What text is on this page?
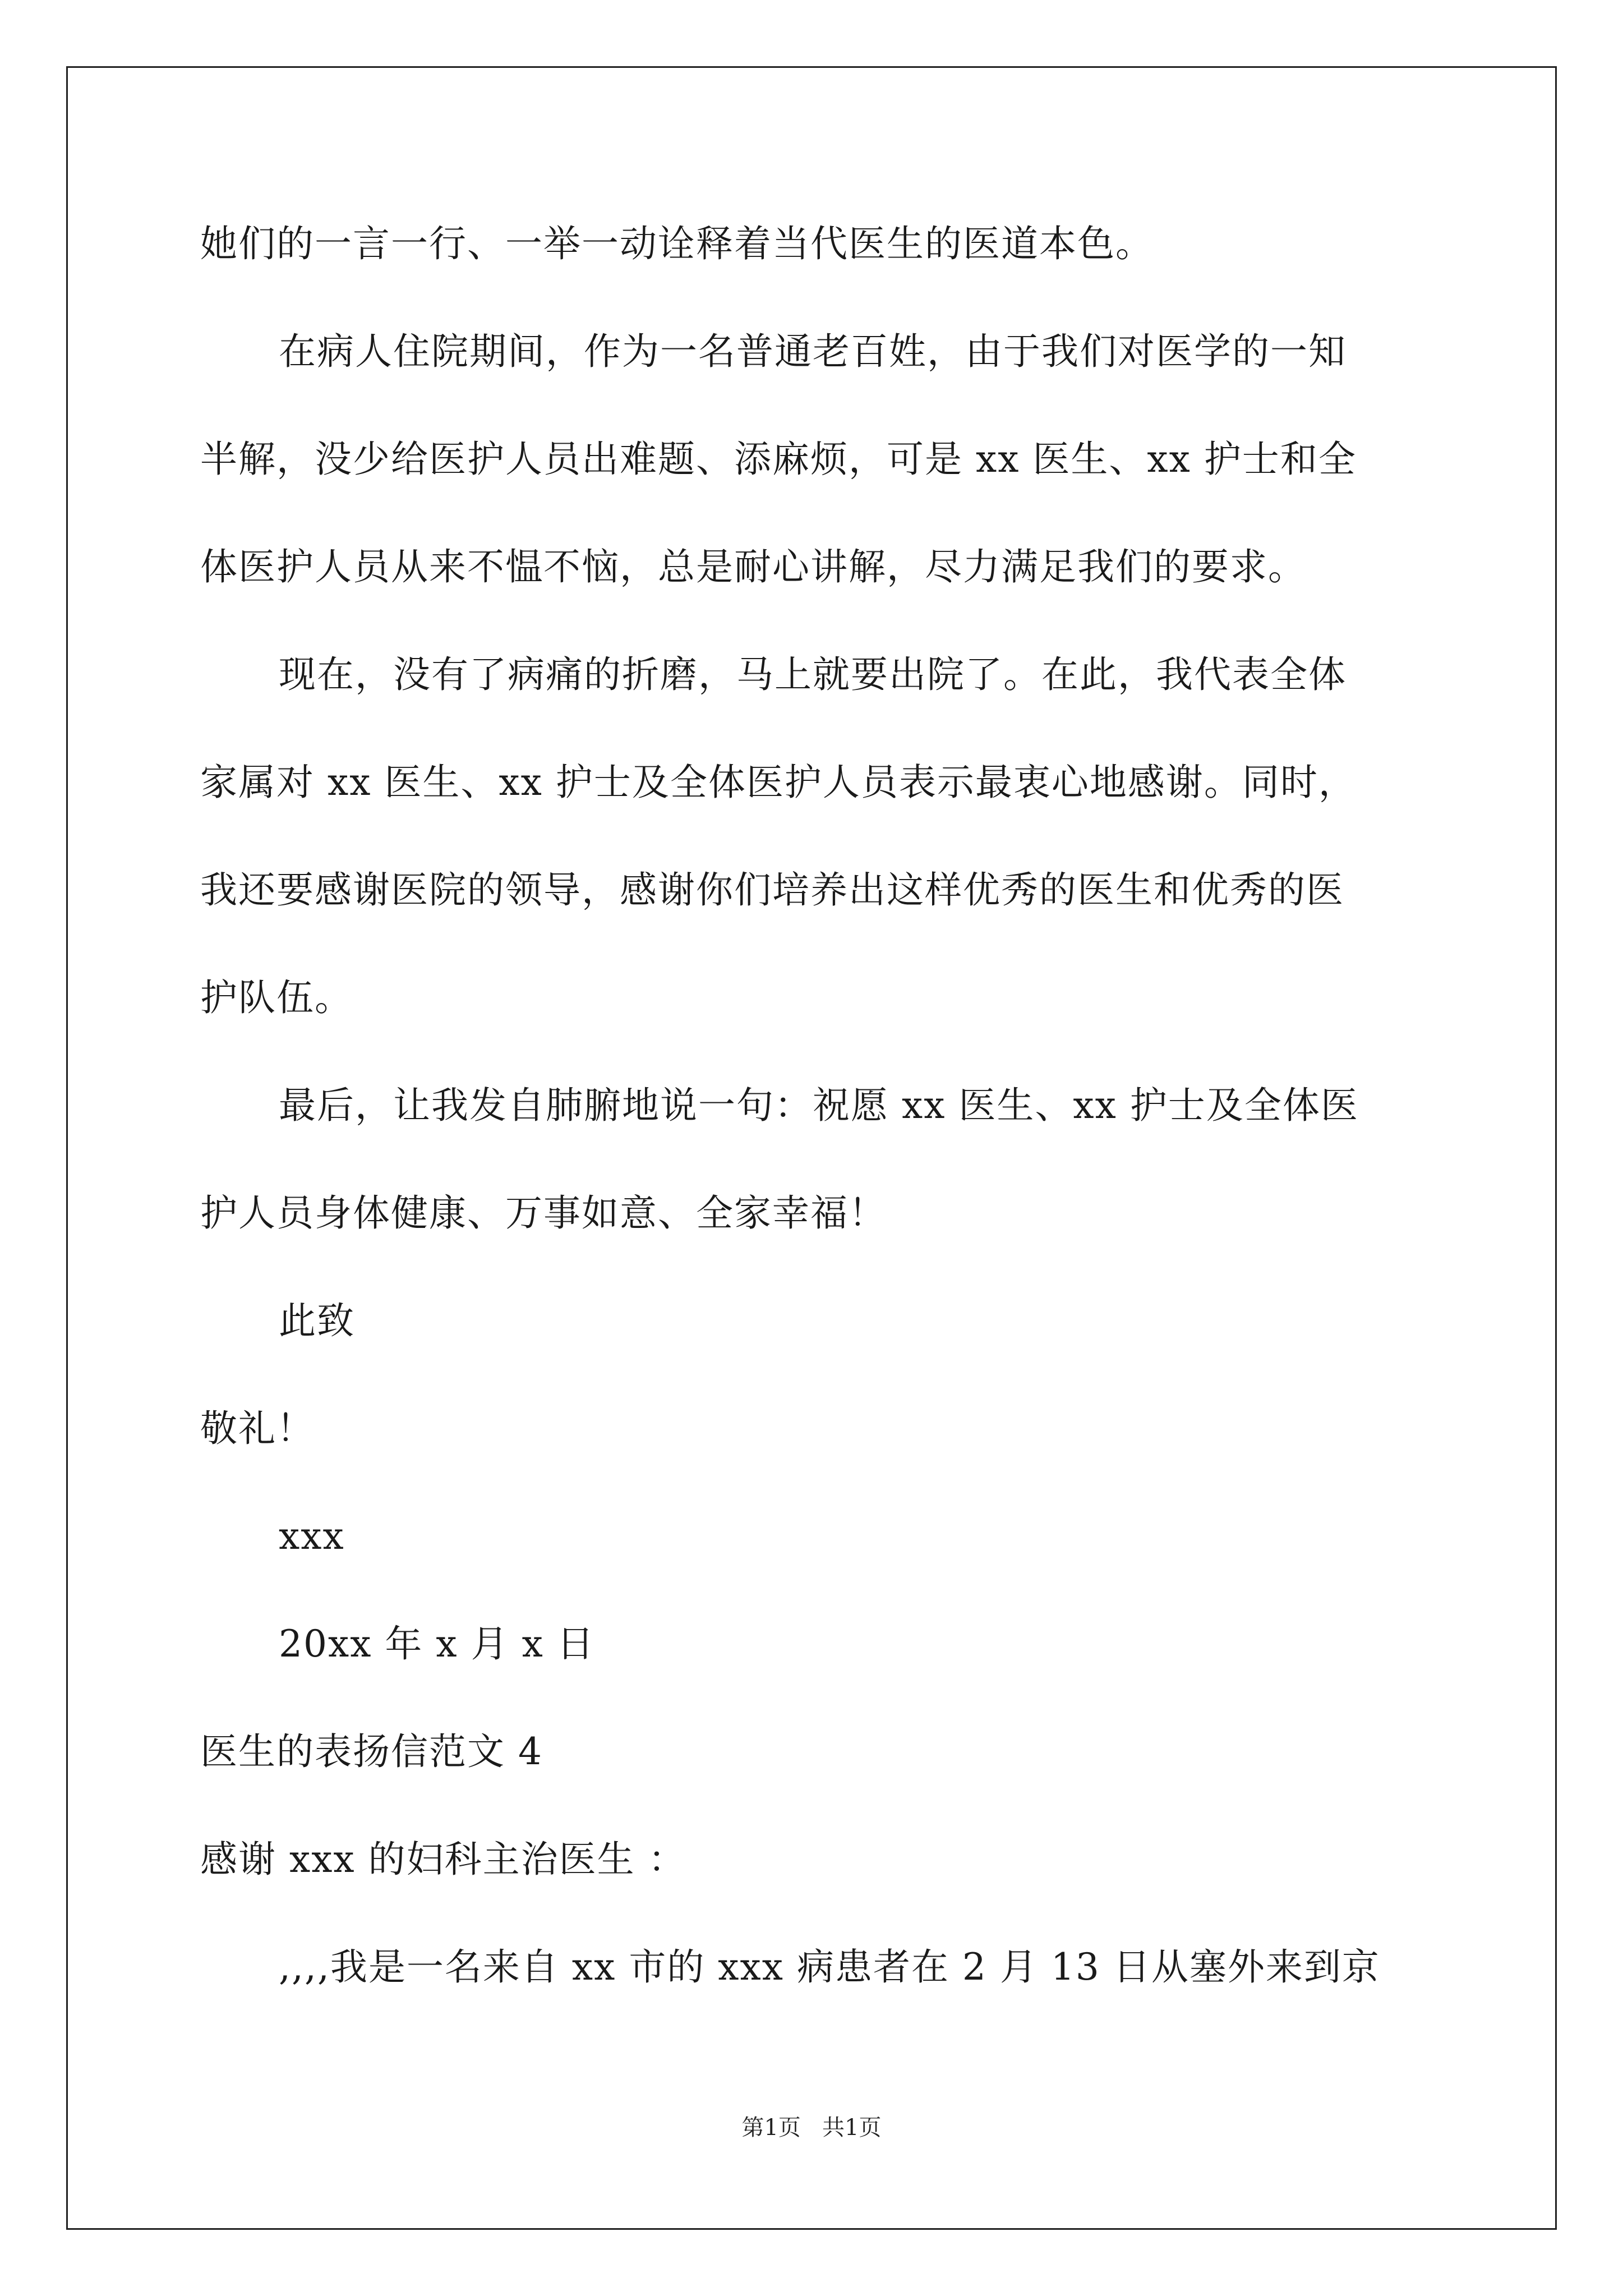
她们的一言一行、一举一动诠释着当代医生的医道本色。
在病人住院期间，作为一名普通老百姓，由于我们对医学的一知
半解，没少给医护人员出难题、添麻烦，可是 xx 医生、xx 护士和全
体医护人员从来不愠不恼，总是耐心讲解，尽力满足我们的要求。
现在，没有了病痛的折磨，马上就要出院了。在此，我代表全体
家属对 xx 医生、xx 护士及全体医护人员表示最衷心地感谢。同时，
我还要感谢医院的领导，感谢你们培养出这样优秀的医生和优秀的医
护队伍。
最后，让我发自肺腑地说一句：祝愿 xx 医生、xx 护士及全体医
护人员身体健康、万事如意、全家幸福！
此致
敬礼！
xxx
20xx 年 x 月 x 日
医生的表扬信范文 4
感谢 xxx 的妇科主治医生 ：
,,,,我是一名来自 xx 市的 xxx 病患者在 2 月 13 日从塞外来到京
第1页   共1页
